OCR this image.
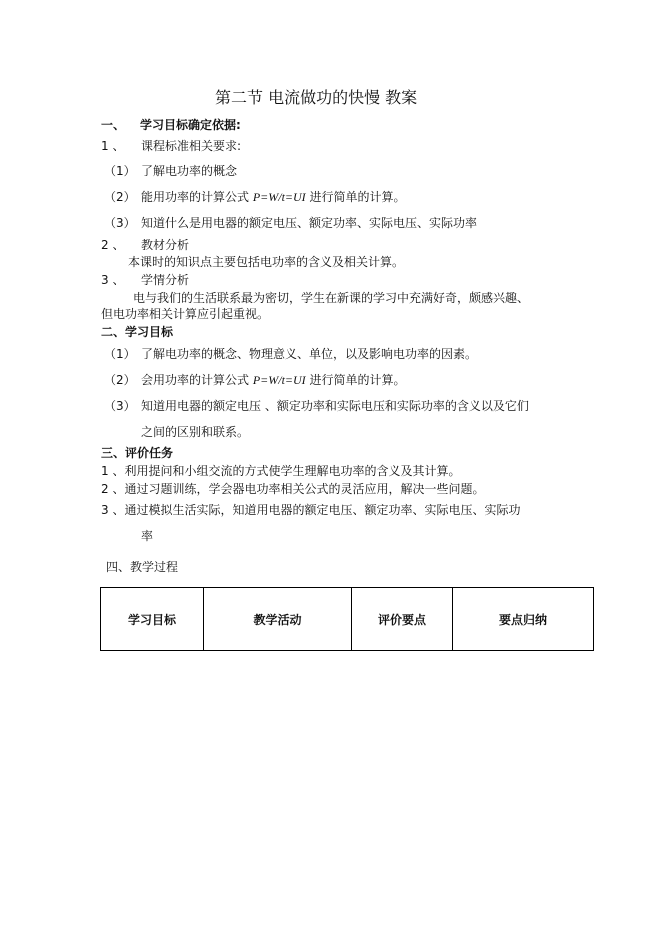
第二节 电流做功的快慢 教案
一、 学习目标确定依据:
1 、 课程标准相关要求:
（1） 了解电功率的概念
（2） 能用功率的计算公式 P=W/t=UI 进行简单的计算。
（3） 知道什么是用电器的额定电压、额定功率、实际电压、实际功率
2 、 教材分析
本课时的知识点主要包括电功率的含义及相关计算。
3 、 学情分析
电与我们的生活联系最为密切，学生在新课的学习中充满好奇，颇感兴趣、
但电功率相关计算应引起重视。
二、学习目标
（1） 了解电功率的概念、物理意义、单位，以及影响电功率的因素。
（2） 会用功率的计算公式 P=W/t=UI 进行简单的计算。
（3） 知道用电器的额定电压 、额定功率和实际电压和实际功率的含义以及它们
之间的区别和联系。
三、评价任务
1 、利用提问和小组交流的方式使学生理解电功率的含义及其计算。
2 、通过习题训练，学会器电功率相关公式的灵活应用，解决一些问题。
3 、通过模拟生活实际，知道用电器的额定电压、额定功率、实际电压、实际功
率
四、教学过程
学习目标	教学活动	评价要点	要点归纳
